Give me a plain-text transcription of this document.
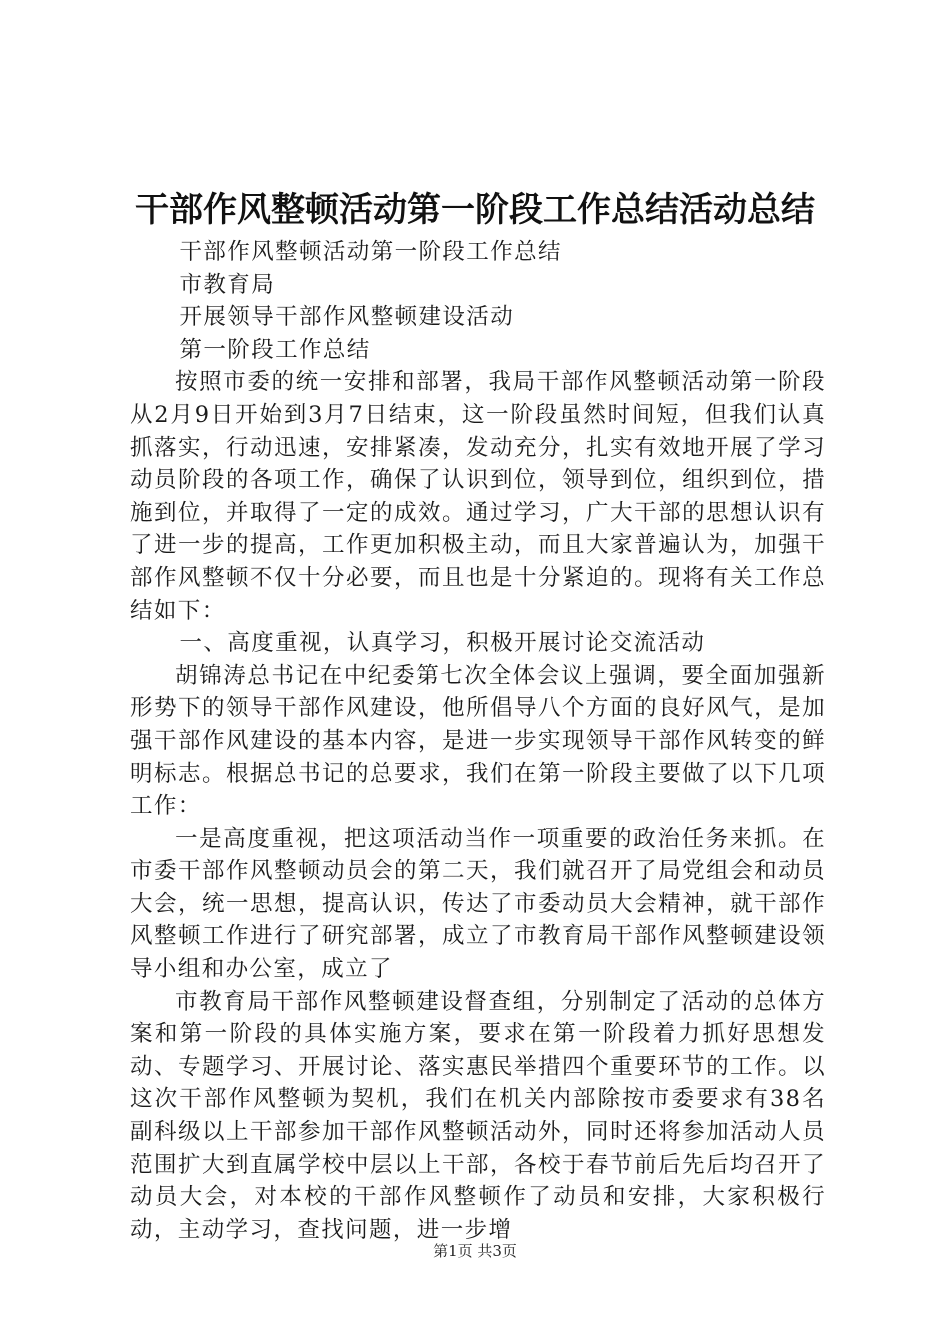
干部作风整顿活动第一阶段工作总结活动总结

干部作风整顿活动第一阶段工作总结

市教育局

开展领导干部作风整顿建设活动

第一阶段工作总结

按照市委的统一安排和部署，我局干部作风整顿活动第一阶段从2月9日开始到3月7日结束，这一阶段虽然时间短，但我们认真抓落实，行动迅速，安排紧凑，发动充分，扎实有效地开展了学习动员阶段的各项工作，确保了认识到位，领导到位，组织到位，措施到位，并取得了一定的成效。通过学习，广大干部的思想认识有了进一步的提高，工作更加积极主动，而且大家普遍认为，加强干部作风整顿不仅十分必要，而且也是十分紧迫的。现将有关工作总结如下：

一、高度重视，认真学习，积极开展讨论交流活动

胡锦涛总书记在中纪委第七次全体会议上强调，要全面加强新形势下的领导干部作风建设，他所倡导八个方面的良好风气，是加强干部作风建设的基本内容，是进一步实现领导干部作风转变的鲜明标志。根据总书记的总要求，我们在第一阶段主要做了以下几项工作：

一是高度重视，把这项活动当作一项重要的政治任务来抓。在市委干部作风整顿动员会的第二天，我们就召开了局党组会和动员大会，统一思想，提高认识，传达了市委动员大会精神，就干部作风整顿工作进行了研究部署，成立了市教育局干部作风整顿建设领导小组和办公室，成立了

市教育局干部作风整顿建设督查组，分别制定了活动的总体方案和第一阶段的具体实施方案，要求在第一阶段着力抓好思想发动、专题学习、开展讨论、落实惠民举措四个重要环节的工作。以这次干部作风整顿为契机，我们在机关内部除按市委要求有38名副科级以上干部参加干部作风整顿活动外，同时还将参加活动人员范围扩大到直属学校中层以上干部，各校于春节前后先后均召开了动员大会，对本校的干部作风整顿作了动员和安排，大家积极行动，主动学习，查找问题，进一步增

第1页 共3页
